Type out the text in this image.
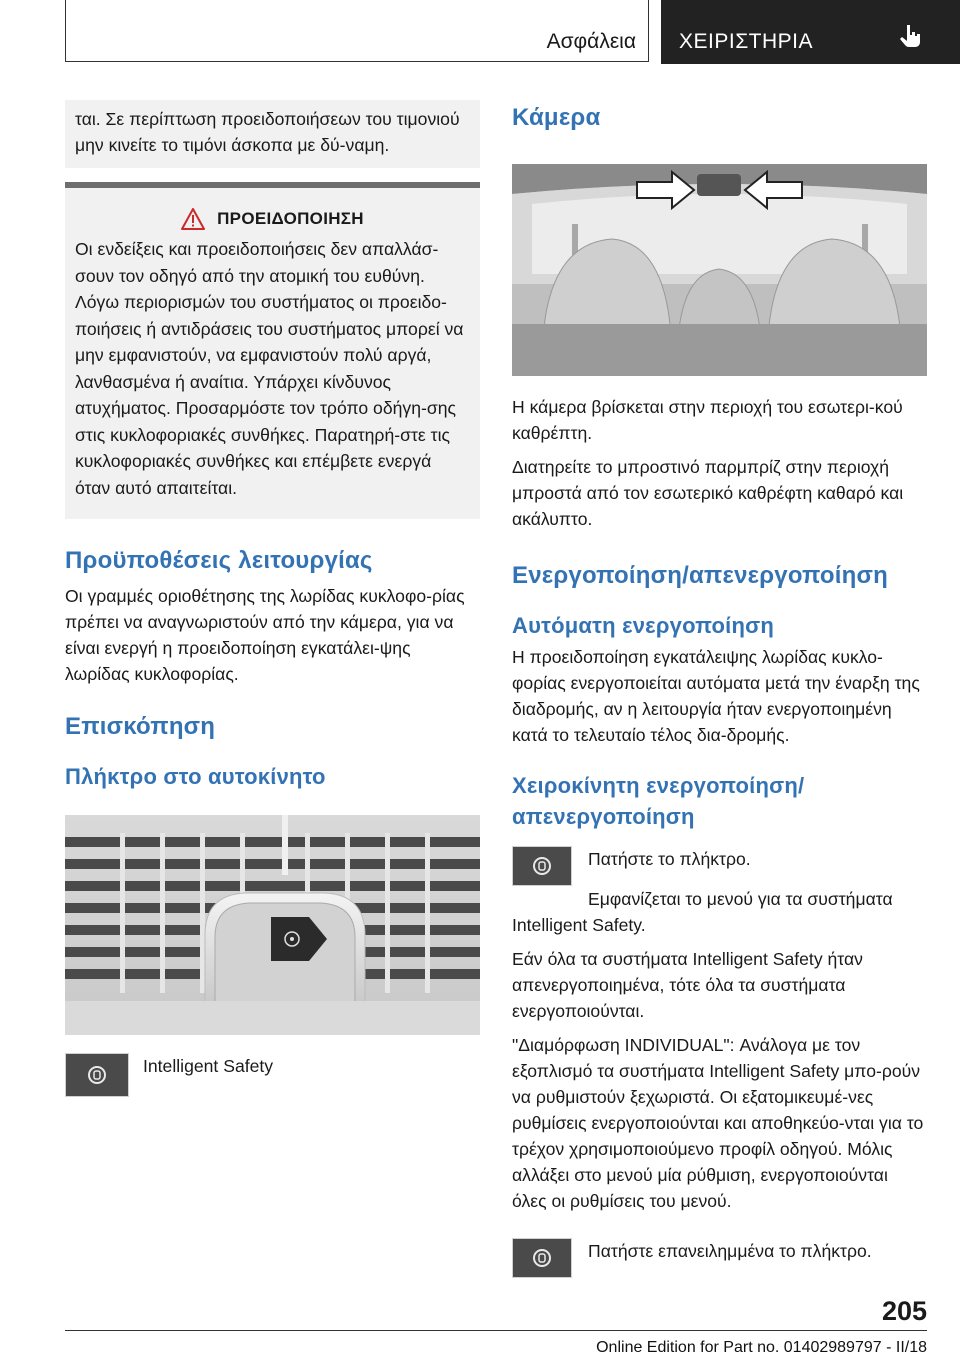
Ασφάλεια ΧΕΙΡΙΣΤΗΡΙΑ

ται. Σε περίπτωση προειδοποιήσεων του τιμονιού μην κινείτε το τιμόνι άσκοπα με δύ-ναμη.

ΠΡΟΕΙΔΟΠΟΙΗΣΗ

Οι ενδείξεις και προειδοποιήσεις δεν απαλλάσ-σουν τον οδηγό από την ατομική του ευθύνη. Λόγω περιορισμών του συστήματος οι προειδο-ποιήσεις ή αντιδράσεις του συστήματος μπορεί να μην εμφανιστούν, να εμφανιστούν πολύ αργά, λανθασμένα ή αναίτια. Υπάρχει κίνδυνος ατυχήματος. Προσαρμόστε τον τρόπο οδήγη-σης στις κυκλοφοριακές συνθήκες. Παρατηρή-στε τις κυκλοφοριακές συνθήκες και επέμβετε ενεργά όταν αυτό απαιτείται.

Προϋποθέσεις λειτουργίας

Οι γραμμές οριοθέτησης της λωρίδας κυκλοφο-ρίας πρέπει να αναγνωριστούν από την κάμερα, για να είναι ενεργή η προειδοποίηση εγκατάλει-ψης λωρίδας κυκλοφορίας.

Επισκόπηση
Πλήκτρο στο αυτοκίνητο

Intelligent Safety

Κάμερα

Η κάμερα βρίσκεται στην περιοχή του εσωτερι-κού καθρέπτη.

Διατηρείτε το μπροστινό παρμπρίζ στην περιοχή μπροστά από τον εσωτερικό καθρέφτη καθαρό και ακάλυπτο.

Ενεργοποίηση/απενεργοποίηση
Αυτόματη ενεργοποίηση

Η προειδοποίηση εγκατάλειψης λωρίδας κυκλο-φορίας ενεργοποιείται αυτόματα μετά την έναρξη της διαδρομής, αν η λειτουργία ήταν ενεργοποιημένη κατά το τελευταίο τέλος δια-δρομής.

Χειροκίνητη ενεργοποίηση/ απενεργοποίηση

Πατήστε το πλήκτρο.

Εμφανίζεται το μενού για τα συστήματα Intelligent Safety.

Εάν όλα τα συστήματα Intelligent Safety ήταν απενεργοποιημένα, τότε όλα τα συστήματα ενεργοποιούνται.

"Διαμόρφωση INDIVIDUAL": Ανάλογα με τον εξοπλισμό τα συστήματα Intelligent Safety μπο-ρούν να ρυθμιστούν ξεχωριστά. Οι εξατομικευμέ-νες ρυθμίσεις ενεργοποιούνται και αποθηκεύο-νται για το τρέχον χρησιμοποιούμενο προφίλ οδηγού. Μόλις αλλάξει στο μενού μία ρύθμιση, ενεργοποιούνται όλες οι ρυθμίσεις του μενού.

Πατήστε επανειλημμένα το πλήκτρο.

205
Online Edition for Part no. 01402989797 - II/18
